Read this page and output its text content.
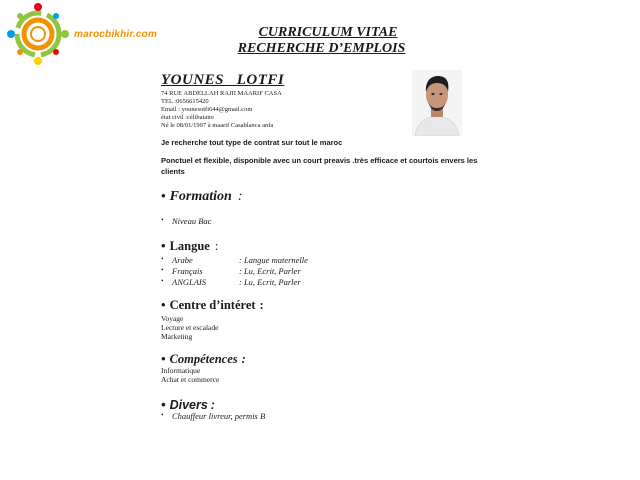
marocbikhir.com	CURRICULUM VITAE
RECHERCHE D’EMPLOIS
YOUNES   LOTFI
74 RUE ABDELLAH RAJII MAARIF CASA
TEL :0656615420
Email : younesotfi644@gmail.com
état civil :célibataire
Né le 08/01/1997 à maarif Casablanca anfa
Je recherche tout type de contrat sur tout le maroc
Ponctuel et flexible, disponible avec un court preavis .très efficace et courtois envers les clients
• Formation :
•	Niveau Bac
• Langue :
•	Arabe	: Langue maternelle
•	Français	: Lu, Ecrit, Parler
•	ANGLAIS	: Lu, Ecrit, Parler
• Centre d’intéret :
Voyage
Lecture et escalade
Marketing
• Compétences :
Informatique
Achat et commerce
• Divers :
•	Chauffeur livreur, permis B
